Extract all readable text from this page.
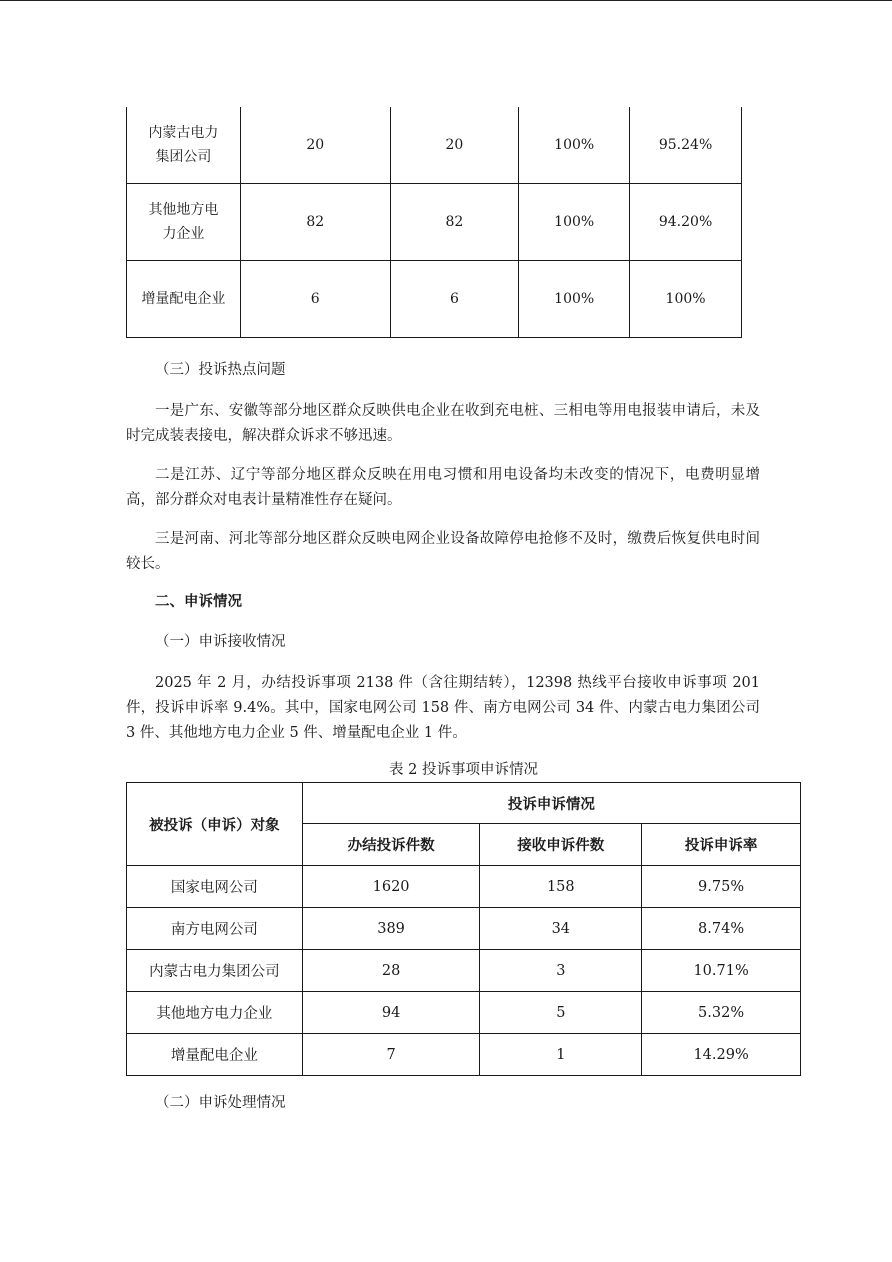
内蒙古电力集团公司	20	20	100%	95.24%

其他地方电力企业	82	82	100%	94.20%
增量配电企业	6	6	100%	100%
（三）投诉热点问题
一是广东、安徽等部分地区群众反映供电企业在收到充电桩、三相电等用电报装申请后，未及时完成装表接电，解决群众诉求不够迅速。
二是江苏、辽宁等部分地区群众反映在用电习惯和用电设备均未改变的情况下，电费明显增高，部分群众对电表计量精准性存在疑问。
三是河南、河北等部分地区群众反映电网企业设备故障停电抢修不及时，缴费后恢复供电时间较长。
二、申诉情况
（一）申诉接收情况
2025 年 2 月，办结投诉事项 2138 件（含往期结转），12398 热线平台接收申诉事项 201 件，投诉申诉率 9.4%。其中，国家电网公司 158 件、南方电网公司 34 件、内蒙古电力集团公司 3 件、其他地方电力企业 5 件、增量配电企业 1 件。
表 2 投诉事项申诉情况
被投诉（申诉）对象	投诉申诉情况		
	办结投诉件数	接收申诉件数	投诉申诉率
国家电网公司	1620	158	9.75%
南方电网公司	389	34	8.74%
内蒙古电力集团公司	28	3	10.71%
其他地方电力企业	94	5	5.32%
增量配电企业	7	1	14.29%
（二）申诉处理情况
